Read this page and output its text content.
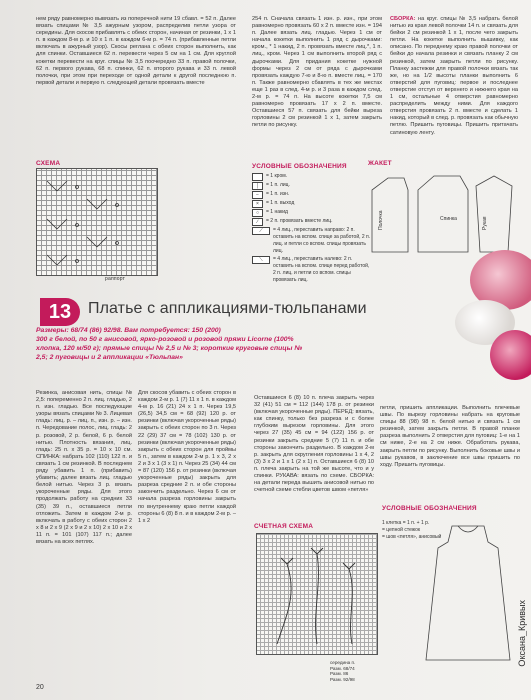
нем ряду равномерно вывязать из поперечной нити 19 сбавл. = 52 п. Далее вязать спицами № 3,5 ажурным узором, распределив петли узора от середины. Для скосов прибавлять с обеих сторон, начиная от резинки, 1 х 1 п. в каждом 8-м р. и 10 х 1 п. в каждом 6-м р. = 74 п. (прибавленные петли включать в ажурный узор). Скосы реглана с обеих сторон выполнить, как для спинки. Оставшиеся 62 п. перевести через 5 см на 1 см. Для круглой кокетки перевести на круг. спицы № 3,5 поочередно 33 п. правой полочки, 62 п. первого рукава, 68 п. спинки, 62 п. второго рукава и 33 п. левой полочки, при этом при переходе от одной детали к другой последнюю п. первой детали и первую п. следующей детали провязать вместе
254 п. Сначала связать 1 изн. р. изн., при этом равномерно провязать 60 х 2 п. вместе изн. = 194 п. Далее вязать лиц. гладью. Через 1 см от начала кокетки выполнить 1 ряд с дырочками: кром., * 1 накид, 2 п. провязать вместе лиц.*, 1 п. лиц., кром. Через 1 см выполнить второй ряд с дырочками. Для придания кокетке нужной формы через 2 см от ряда с дырочками провязать каждую 7-ю и 8-ю п. вместе лиц. = 170 п. Также равномерно сбавлять в тех же местах еще 1 раз в след. 4-м р. и 3 раза в каждом след. 2-м р. = 74 п. На высоте кокетки 7,5 см равномерно провязать 17 х 2 п. вместе. Оставшиеся 57 п. связать для бейки выреза горловины 2 см резинкой 1 х 1, затем закрыть петли по рисунку.
СБОРКА: на круг. спицы № 3,5 набрать белой нитью из края левой полочки 14 п. и связать для бейки 2 см резинкой 1 х 1, после чего закрыть петли. На кокетке выполнить вышивку, как описано. По переднему краю правой полочки от бейки до начала резинки и связать планку 2 см резинкой, затем закрыть петли по рисунку. Планку застежки для правой полочки вязать так же, но на 1/2 высоты планки выполнить 6 отверстий для пуговиц: первое и последнее отверстие отступ от верхнего и нижнего края на 1 см, остальные 4 отверстия равномерно распределить между ними. Для каждого отверстия провязать 2 п. вместе и сделать 1 накид, который в след. р. провязать как обычную петлю. Пришить пуговицы. Пришить притачать сатиновую ленту.
СХЕМА
раппорт
УСЛОВНЫЕ ОБОЗНАЧЕНИЯ
= 1 кром.
│	= 1 п. лиц.
−	= 1 п. изн.
×	= 1 п. выход
○	= 1 накид
∕	= 2 п. провязать вместе лиц.
⟋	= 4 лиц., переставить направо: 2 п. оставить на вспом. спице за работой, 2 п. лиц. и петли со вспом. спицы провязать лиц.
⟍	= 4 лиц., переставить налево: 2 п. оставить на вспом. спице перед работой, 2 п. лиц. и петли со вспом. спицы провязать лиц.
ЖАКЕТ
Полочка	Спинка	Рукав
13	Платье с аппликациями-тюльпанами
Размеры: 68/74 (86) 92/98. Вам потребуется: 150 (200)
300 г белой, по 50 г анисовой, ярко-розовой и розовой пряжи Licorne (100% хлопка, 120 м/50 г); прямые спицы № 2,5 и № 3; короткие круговые спицы № 2,5; 2 пуговицы и 2 аппликации «Тюльпан»
Резинка, анисовая нить, спицы № 2,5: попеременно 2 п. лиц. гладью, 2 п. изн. гладью. Все последующие узоры вязать спицами № 3. Лицевая гладь: лиц. р. – лиц. п., изн. р. – изн. п. Чередование полос, лиц. гладь: 2 р. розовой, 2 р. белой, 6 р. белой нитью. Плотность вязания, лиц. гладь: 25 п. x 35 р. = 10 x 10 см. СПИНКА: набрать 102 (110) 122 п. и связать 1 см резинкой. В последнем ряду убавить 1 п. (прибавить) убавить; далее вязать лиц. гладью белой нитью. Через 3 р. вязать укороченные ряды. Для этого продолжать работу на средних 33 (35) 39 п., оставшиеся петли отложить. Затем в каждом 2-м р. включать в работу с обеих сторон 2 х 8 и 2 х 9 (2 х 9 и 2 х 10) 2 х 10 и 2 х 11 п. = 101 (107) 117 п.; далее вязать на всех петлях.
Для скосов убавить с обеих сторон в каждом 2-м р. 1 (7) 11 х 1 п. в каждом 4-м р. 16 (21) 24 х 1 п. Через 19,5 (26,5) 34,5 см = 68 (92) 120 р. от резинки (включая укороченные ряды) закрыть с обеих сторон по 3 п. Через 22 (29) 37 см = 78 (102) 130 р. от резинки (включая укороченные ряды) закрыть с обеих сторон для проймы 5 п., затем в каждом 2-м р. 1 х 3, 2 х 2 и 3 х 1 (3 х 1) п. Через 25 (34) 44 см = 87 (120) 156 р. от резинки (включая укороченные ряды) закрыть для разреза средние 2 п. и обе стороны закончить раздельно. Через 6 см от начала разреза горловины закрыть по внутреннему краю петли каждой стороны 6 (8) 8 п. и в каждом 2-м р. – 1 х 2
Оставшиеся 6 (8) 10 п. плеча закрыть через 32 (41) 51 см = 112 (144) 178 р. от резинки (включая укороченные ряды). ПЕРЕД: вязать, как спинку, только без разреза и с более глубоким вырезом горловины. Для этого через 27 (35) 45 см = 94 (122) 156 р. от резинки закрыть средние 5 (7) 11 п. и обе стороны закончить раздельно. В каждом 2-м р. закрыть для скругления горловины 1 х 4, 2 (3) 3 х 2 и 1 х 1 (2 х 1) п. Оставшиеся 6 (8) 10 п. плеча закрыть на той же высоте, что и у спинки. РУКАВА: вязать по схеме. СБОРКА: на детали переда вышить анисовой нитью по счетной схеме стебли цветов швом «петля»
петли, пришить аппликации. Выполнить плечевые швы. По вырезу горловины набрать на круговые спицы 88 (98) 98 п. белой нитью и связать 1 см резинкой, затем закрыть петли. В правой планке разреза выполнить 2 отверстия для пуговиц: 1-е на 1 см ниже, 2-е на 2 см ниже. Обработать рукава, закрыть петли по рисунку. Выполнить боковые швы и швы рукавов, в заключение все швы пришить по ходу. Пришить пуговицы.
СЧЕТНАЯ СХЕМА
середина п.
Разм. 68/74
Разм. 86
Разм. 92/98
УСЛОВНЫЕ ОБОЗНАЧЕНИЯ
1 клетка = 1 п. + 1 р.
= цепной стежок
= шов «петля», анисовый
20
Оксана_Кривых
